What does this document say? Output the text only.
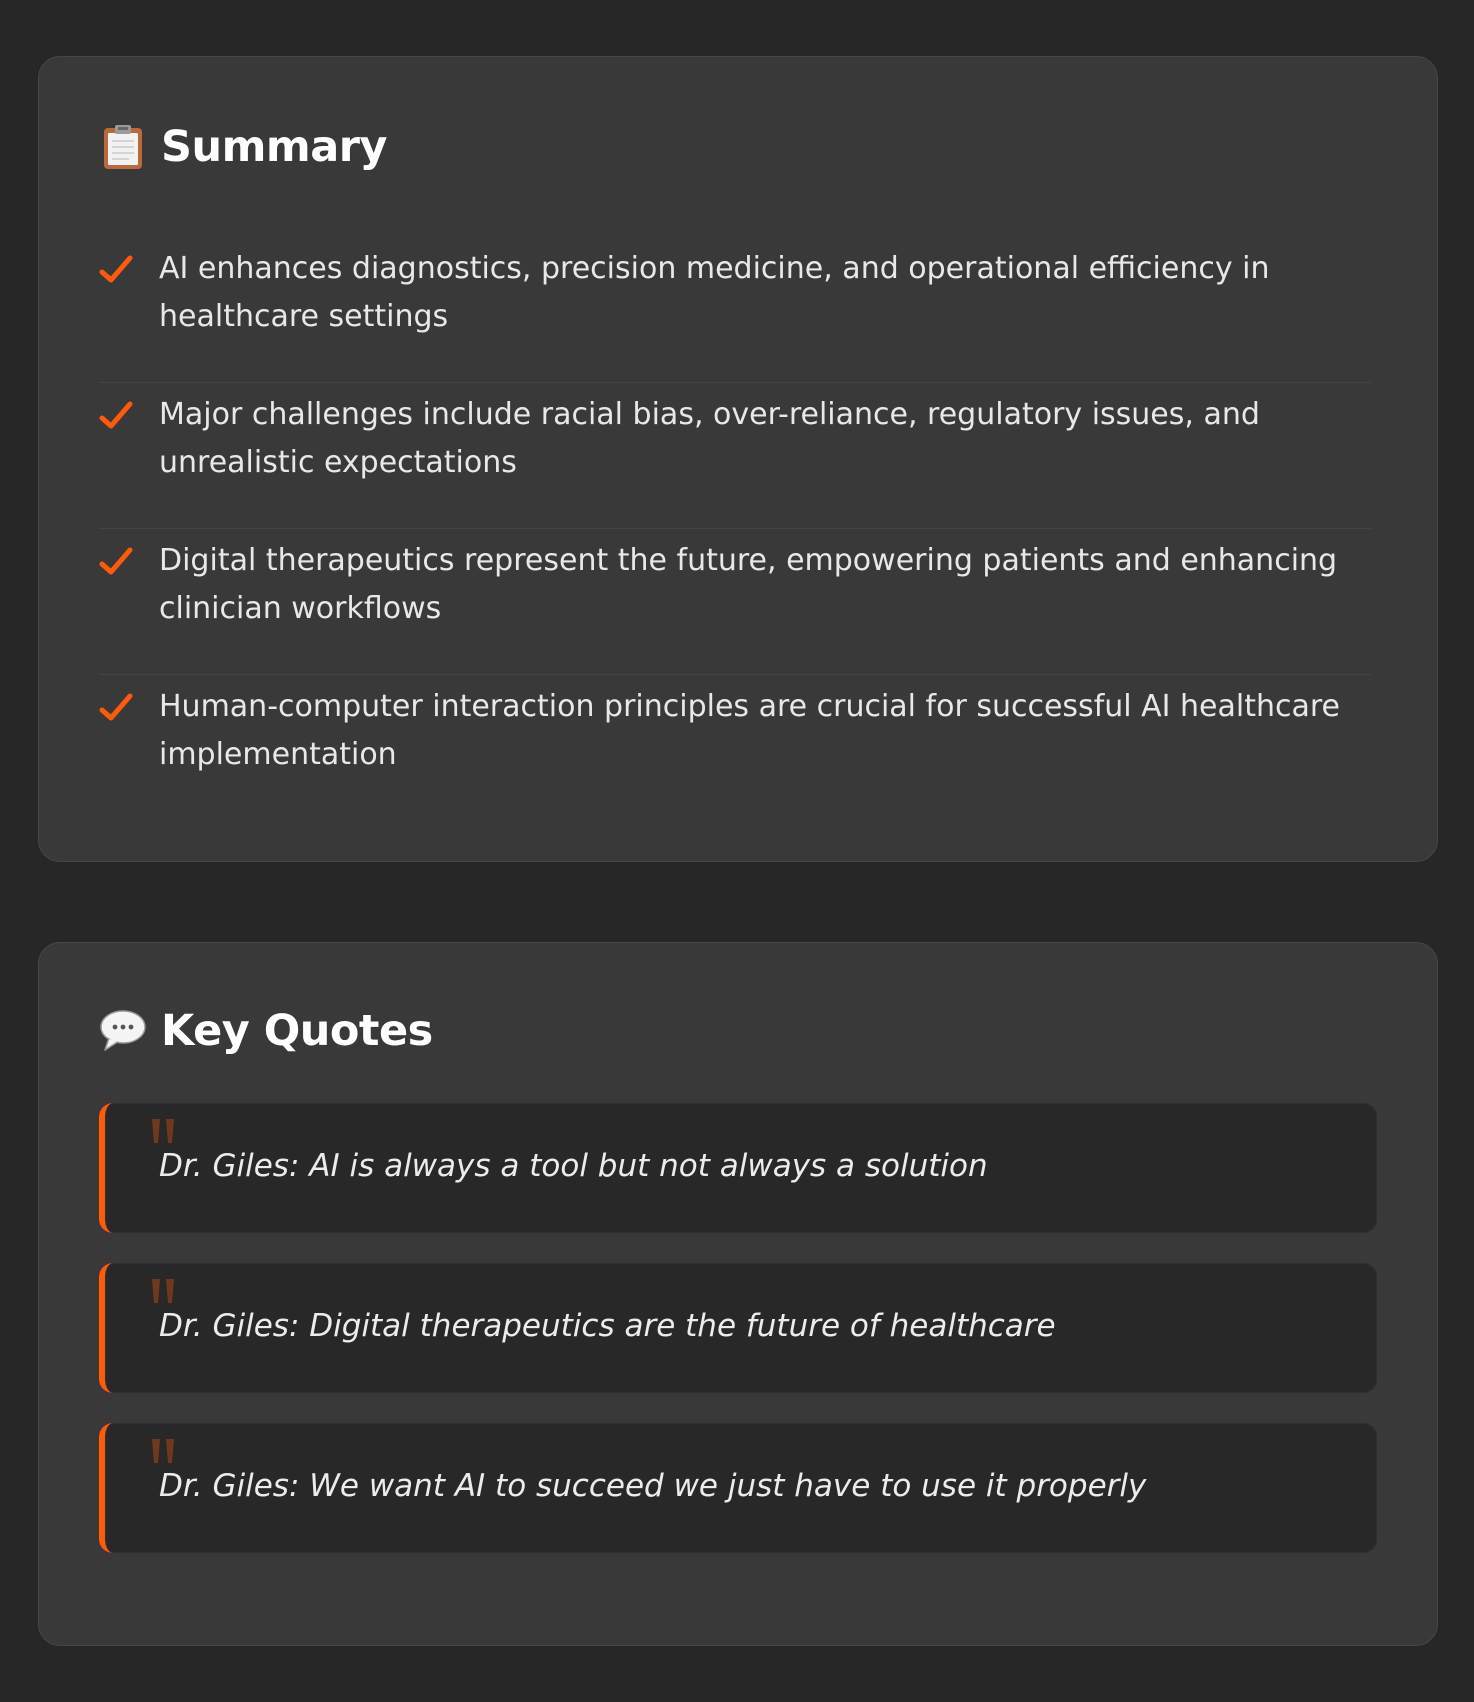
Summary
AI enhances diagnostics, precision medicine, and operational efficiency in healthcare settings
Major challenges include racial bias, over-reliance, regulatory issues, and unrealistic expectations
Digital therapeutics represent the future, empowering patients and enhancing clinician workflows
Human-computer interaction principles are crucial for successful AI healthcare implementation
Key Quotes
Dr. Giles: AI is always a tool but not always a solution
Dr. Giles: Digital therapeutics are the future of healthcare
Dr. Giles: We want AI to succeed we just have to use it properly
